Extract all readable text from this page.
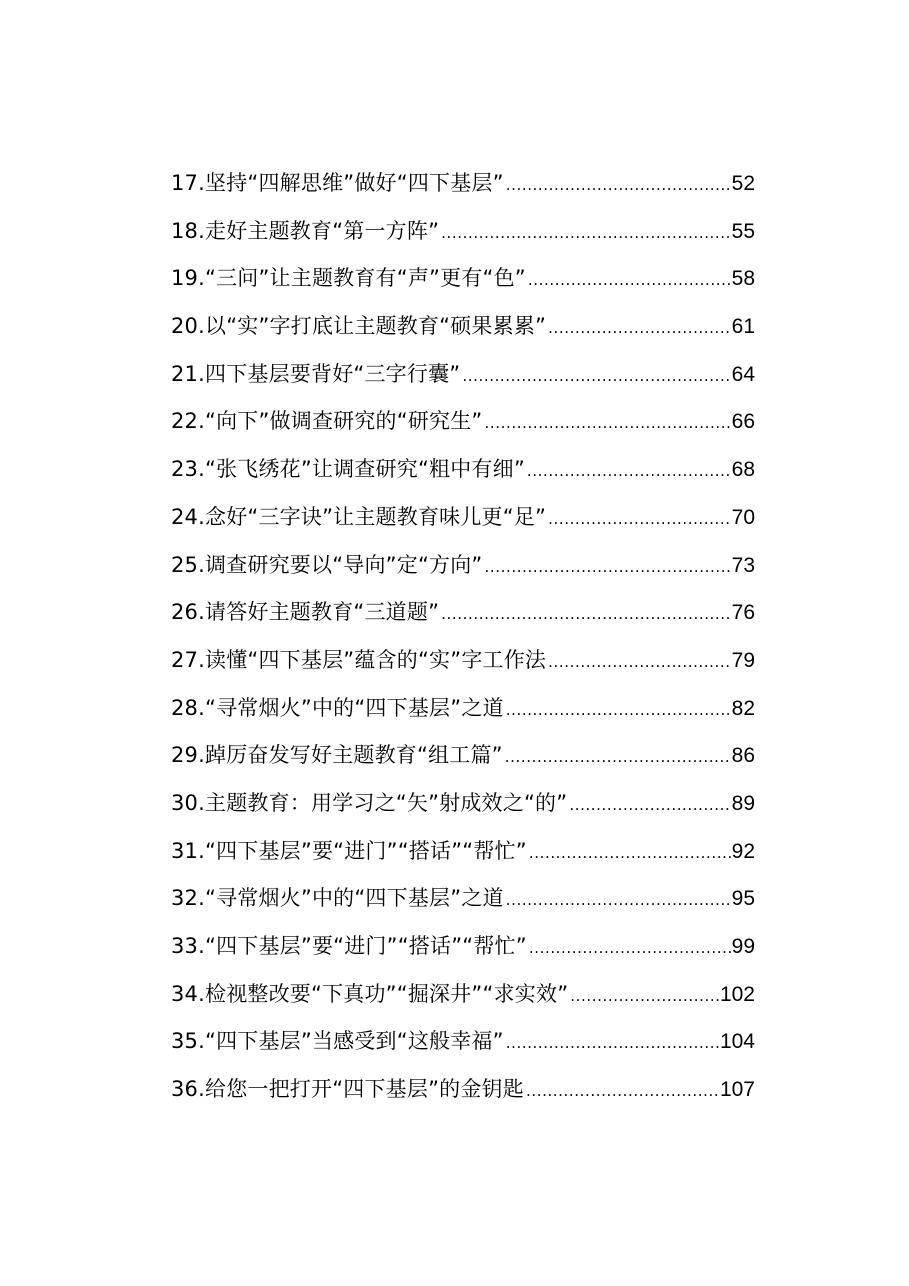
17.坚持“四解思维”做好“四下基层” .....	52
18.走好主题教育“第一方阵” .....	55
19.“三问”让主题教育有“声”更有“色” .....	58
20.以“实”字打底让主题教育“硕果累累” .....	61
21.四下基层要背好“三字行囊” .....	64
22.“向下”做调查研究的“研究生” .....	66
23.“张飞绣花”让调查研究“粗中有细” .....	68
24.念好“三字诀”让主题教育味儿更“足” .....	70
25.调查研究要以“导向”定“方向” .....	73
26.请答好主题教育“三道题” .....	76
27.读懂“四下基层”蕴含的“实”字工作法 .....	79
28.“寻常烟火”中的“四下基层”之道 .....	82
29.踔厉奋发写好主题教育“组工篇” .....	86
30.主题教育：用学习之“矢”射成效之“的” .....	89
31.“四下基层”要“进门”“搭话”“帮忙” .....	92
32.“寻常烟火”中的“四下基层”之道 .....	95
33.“四下基层”要“进门”“搭话”“帮忙” .....	99
34.检视整改要“下真功”“掘深井”“求实效” .....	102
35.“四下基层”当感受到“这般幸福” .....	104
36.给您一把打开“四下基层”的金钥匙 .....	107
